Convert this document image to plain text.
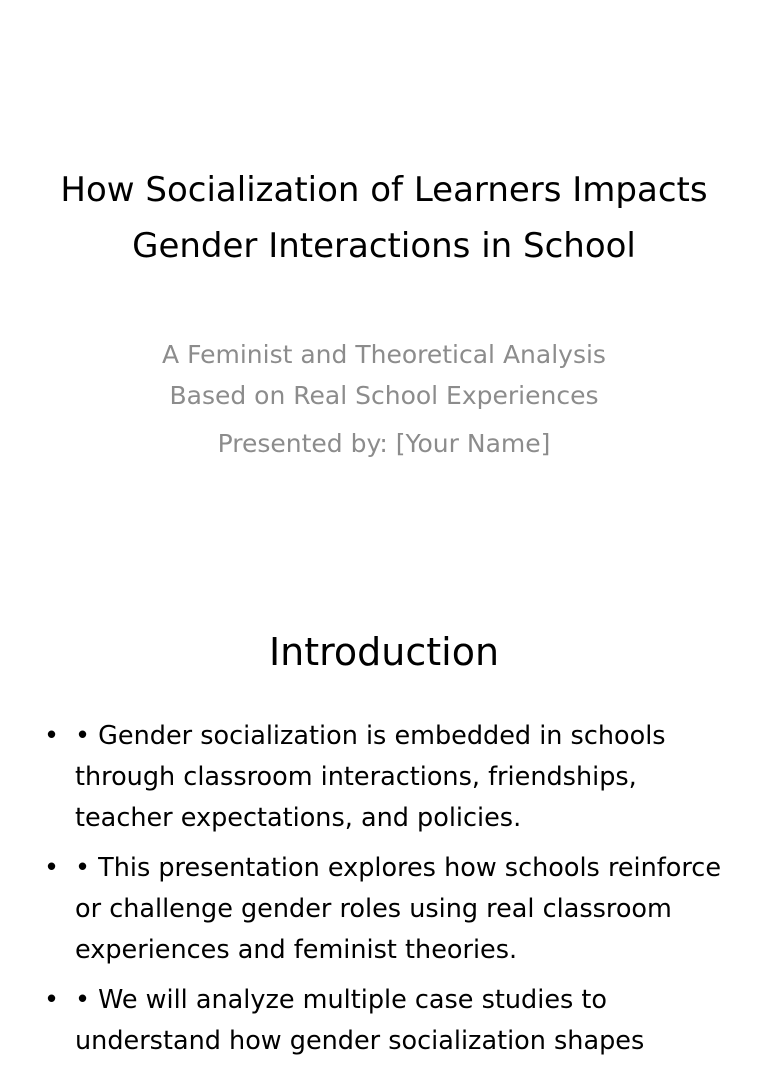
How Socialization of Learners Impacts Gender Interactions in School
A Feminist and Theoretical Analysis
Based on Real School Experiences
Presented by: [Your Name]
Introduction
• • Gender socialization is embedded in schools through classroom interactions, friendships, teacher expectations, and policies.
• • This presentation explores how schools reinforce or challenge gender roles using real classroom experiences and feminist theories.
• • We will analyze multiple case studies to understand how gender socialization shapes
